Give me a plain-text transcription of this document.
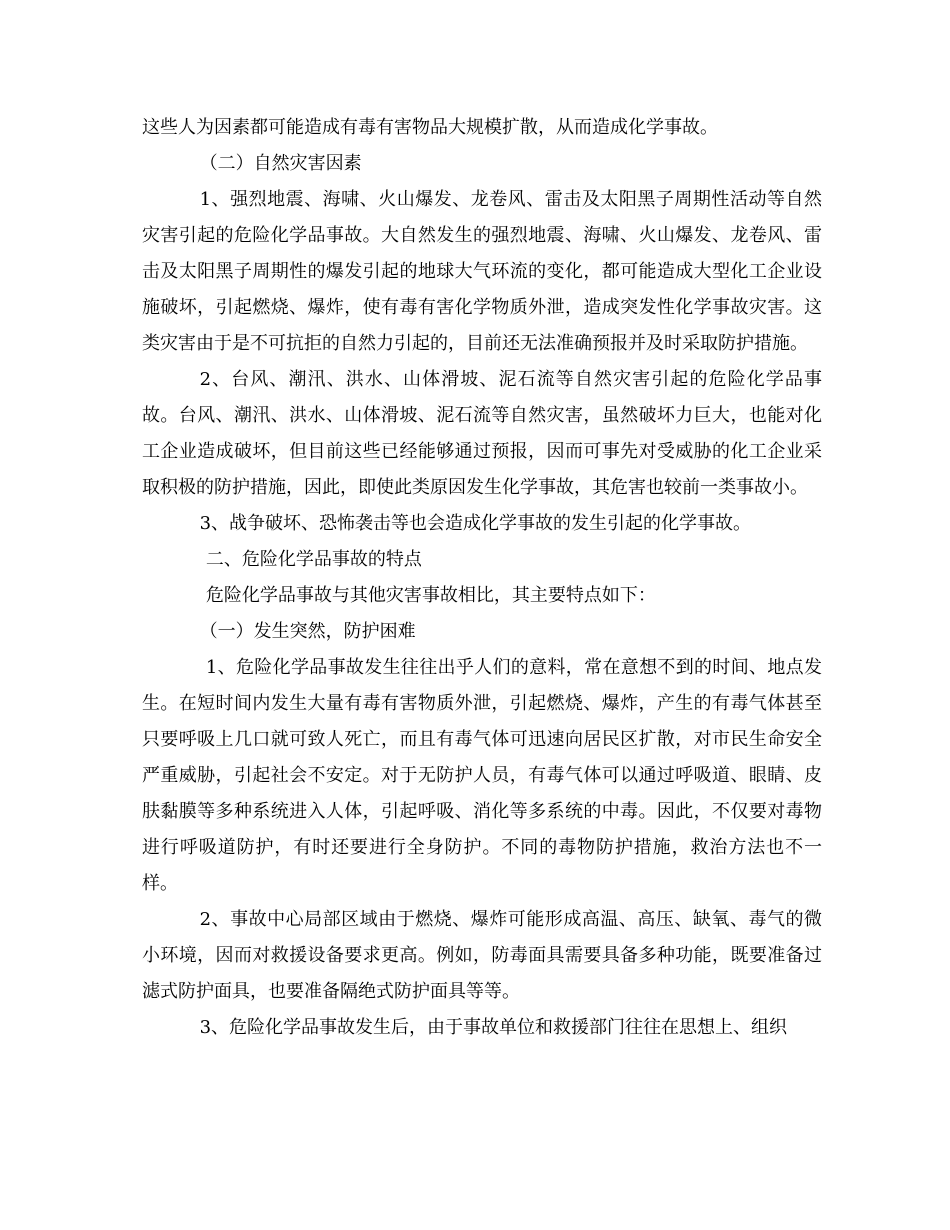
这些人为因素都可能造成有毒有害物品大规模扩散，从而造成化学事故。

（二）自然灾害因素

1、强烈地震、海啸、火山爆发、龙卷风、雷击及太阳黑子周期性活动等自然灾害引起的危险化学品事故。大自然发生的强烈地震、海啸、火山爆发、龙卷风、雷击及太阳黑子周期性的爆发引起的地球大气环流的变化，都可能造成大型化工企业设施破坏，引起燃烧、爆炸，使有毒有害化学物质外泄，造成突发性化学事故灾害。这类灾害由于是不可抗拒的自然力引起的，目前还无法准确预报并及时采取防护措施。

2、台风、潮汛、洪水、山体滑坡、泥石流等自然灾害引起的危险化学品事故。台风、潮汛、洪水、山体滑坡、泥石流等自然灾害，虽然破坏力巨大，也能对化工企业造成破坏，但目前这些已经能够通过预报，因而可事先对受威胁的化工企业采取积极的防护措施，因此，即使此类原因发生化学事故，其危害也较前一类事故小。

3、战争破坏、恐怖袭击等也会造成化学事故的发生引起的化学事故。

二、危险化学品事故的特点

危险化学品事故与其他灾害事故相比，其主要特点如下：

（一）发生突然，防护困难

1、危险化学品事故发生往往出乎人们的意料，常在意想不到的时间、地点发生。在短时间内发生大量有毒有害物质外泄，引起燃烧、爆炸，产生的有毒气体甚至只要呼吸上几口就可致人死亡，而且有毒气体可迅速向居民区扩散，对市民生命安全严重威胁，引起社会不安定。对于无防护人员，有毒气体可以通过呼吸道、眼睛、皮肤黏膜等多种系统进入人体，引起呼吸、消化等多系统的中毒。因此，不仅要对毒物进行呼吸道防护，有时还要进行全身防护。不同的毒物防护措施，救治方法也不一样。

2、事故中心局部区域由于燃烧、爆炸可能形成高温、高压、缺氧、毒气的微小环境，因而对救援设备要求更高。例如，防毒面具需要具备多种功能，既要准备过滤式防护面具，也要准备隔绝式防护面具等等。

3、危险化学品事故发生后，由于事故单位和救援部门往往在思想上、组织
